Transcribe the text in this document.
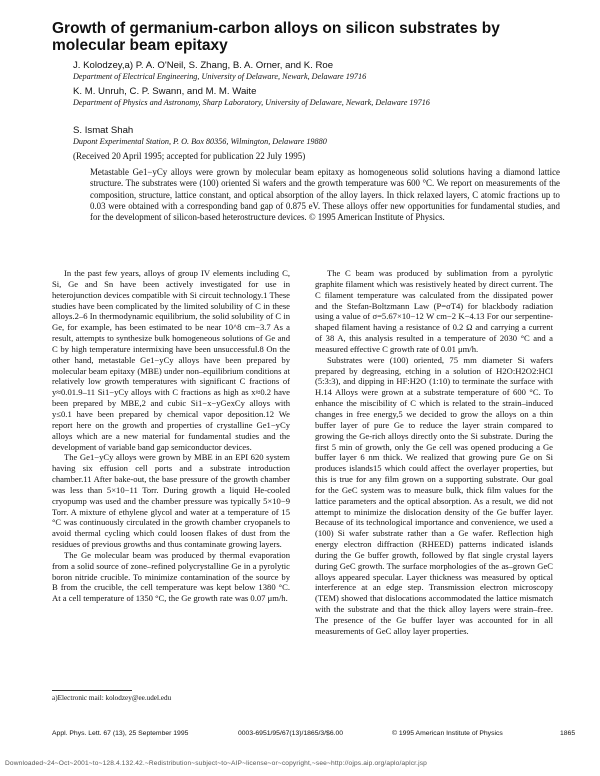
Growth of germanium-carbon alloys on silicon substrates by molecular beam epitaxy
J. Kolodzey,a) P. A. O'Neil, S. Zhang, B. A. Orner, and K. Roe
Department of Electrical Engineering, University of Delaware, Newark, Delaware 19716
K. M. Unruh, C. P. Swann, and M. M. Waite
Department of Physics and Astronomy, Sharp Laboratory, University of Delaware, Newark, Delaware 19716
S. Ismat Shah
Dupont Experimental Station, P. O. Box 80356, Wilmington, Delaware 19880
(Received 20 April 1995; accepted for publication 22 July 1995)
Metastable Ge1−yCy alloys were grown by molecular beam epitaxy as homogeneous solid solutions having a diamond lattice structure. The substrates were (100) oriented Si wafers and the growth temperature was 600 °C. We report on measurements of the composition, structure, lattice constant, and optical absorption of the alloy layers. In thick relaxed layers, C atomic fractions up to 0.03 were obtained with a corresponding band gap of 0.875 eV. These alloys offer new opportunities for fundamental studies, and for the development of silicon-based heterostructure devices. © 1995 American Institute of Physics.

In the past few years, alloys of group IV elements including C, Si, Ge and Sn have been actively investigated for use in heterojunction devices compatible with Si circuit technology.1 These studies have been complicated by the limited solubility of C in these alloys.2–6 In thermodynamic equilibrium, the solid solubility of C in Ge, for example, has been estimated to be near 10^8 cm−3.7 As a result, attempts to synthesize bulk homogeneous solutions of Ge and C by high temperature intermixing have been unsuccessful.8 On the other hand, metastable Ge1−yCy alloys have been prepared by molecular beam epitaxy (MBE) under non–equilibrium conditions at relatively low growth temperatures with significant C fractions of y≈0.01.9–11 Si1−yCy alloys with C fractions as high as x≈0.2 have been prepared by MBE,2 and cubic Si1−x−yGexCy alloys with y≤0.1 have been prepared by chemical vapor deposition.12 We report here on the growth and properties of crystalline Ge1−yCy alloys which are a new material for fundamental studies and the development of variable band gap semiconductor devices.

The Ge1−yCy alloys were grown by MBE in an EPI 620 system having six effusion cell ports and a substrate introduction chamber.11 After bake-out, the base pressure of the growth chamber was less than 5×10−11 Torr. During growth a liquid He-cooled cryopump was used and the chamber pressure was typically 5×10−9 Torr. A mixture of ethylene glycol and water at a temperature of 15 °C was continuously circulated in the growth chamber cryopanels to avoid thermal cycling which could loosen flakes of dust from the residues of previous growths and thus contaminate growing layers.

The Ge molecular beam was produced by thermal evaporation from a solid source of zone–refined polycrystalline Ge in a pyrolytic boron nitride crucible. To minimize contamination of the source by B from the crucible, the cell temperature was kept below 1380 °C. At a cell temperature of 1350 °C, the Ge growth rate was 0.07 μm/h.

The C beam was produced by sublimation from a pyrolytic graphite filament which was resistively heated by direct current. The C filament temperature was calculated from the dissipated power and the Stefan-Boltzmann Law (P=σT4) for blackbody radiation using a value of σ=5.67×10−12 W cm−2 K−4.13 For our serpentine-shaped filament having a resistance of 0.2 Ω and carrying a current of 38 A, this analysis resulted in a temperature of 2030 °C and a measured effective C growth rate of 0.01 μm/h.

Substrates were (100) oriented, 75 mm diameter Si wafers prepared by degreasing, etching in a solution of H2O:H2O2:HCl (5:3:3), and dipping in HF:H2O (1:10) to terminate the surface with H.14 Alloys were grown at a substrate temperature of 600 °C. To enhance the miscibility of C which is related to the strain–induced changes in free energy,5 we decided to grow the alloys on a thin buffer layer of pure Ge to reduce the layer strain compared to growing the Ge-rich alloys directly onto the Si substrate. During the first 5 min of growth, only the Ge cell was opened producing a Ge buffer layer 6 nm thick. We realized that growing pure Ge on Si produces islands15 which could affect the overlayer properties, but this is true for any film grown on a supporting substrate. Our goal for the GeC system was to measure bulk, thick film values for the lattice parameters and the optical absorption. As a result, we did not attempt to minimize the dislocation density of the Ge buffer layer. Because of its technological importance and convenience, we used a (100) Si wafer substrate rather than a Ge wafer. Reflection high energy electron diffraction (RHEED) patterns indicated islands during the Ge buffer growth, followed by flat single crystal layers during GeC growth. The surface morphologies of the as–grown GeC alloys appeared specular. Layer thickness was measured by optical interference at an edge step. Transmission electron microscopy (TEM) showed that dislocations accommodated the lattice mismatch with the substrate and that the thick alloy layers were strain–free. The presence of the Ge buffer layer was accounted for in all measurements of GeC alloy layer properties.

a)Electronic mail: kolodzey@ee.udel.edu
Appl. Phys. Lett. 67 (13), 25 September 1995	0003-6951/95/67(13)/1865/3/$6.00	© 1995 American Institute of Physics	1865
Downloaded~24~Oct~2001~to~128.4.132.42.~Redistribution~subject~to~AIP~license~or~copyright,~see~http://ojps.aip.org/aplo/aplcr.jsp
